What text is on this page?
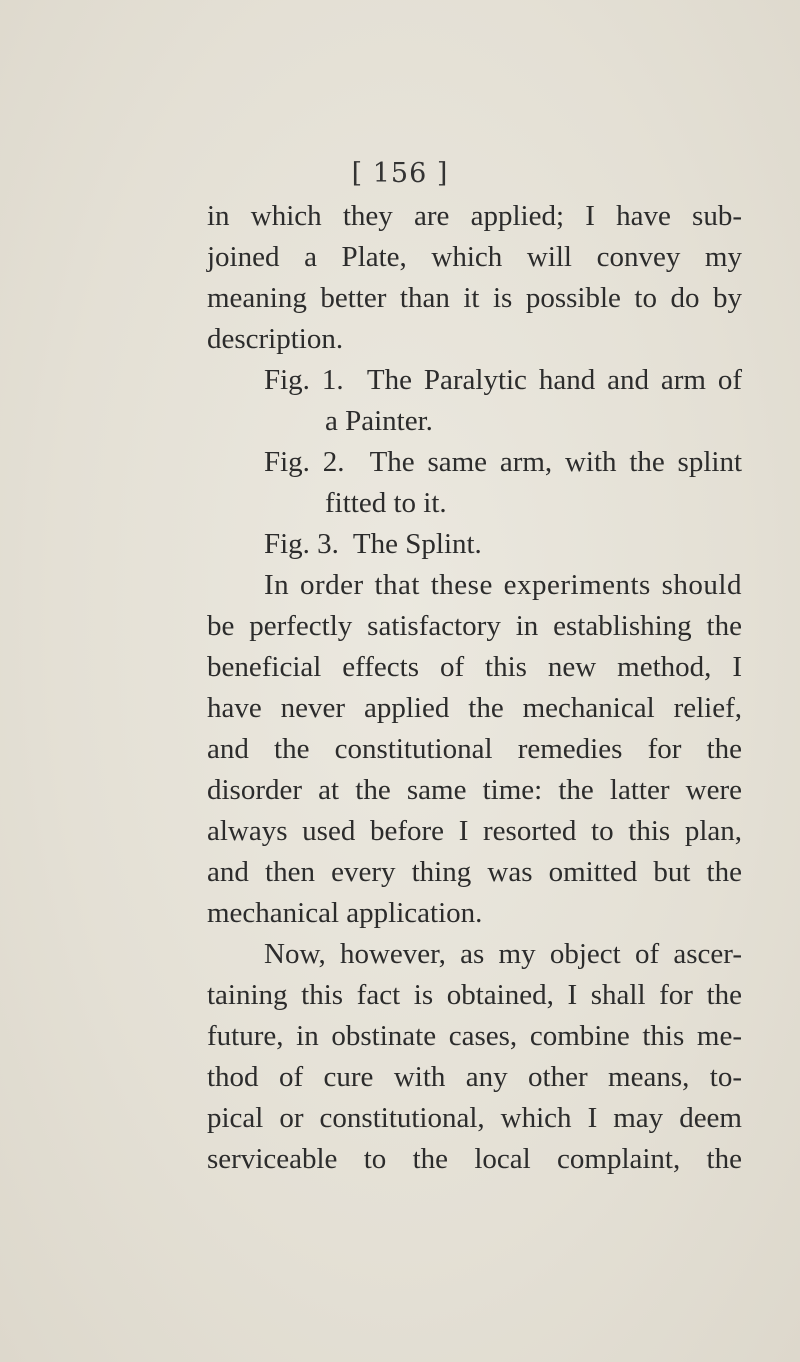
[ 156 ]
in which they are applied; I have sub-
joined a Plate, which will convey my
meaning better than it is possible to do by
description.
Fig. 1. The Paralytic hand and arm of
a Painter.
Fig. 2. The same arm, with the splint
fitted to it.
Fig. 3. The Splint.
In order that these experiments should
be perfectly satisfactory in establishing the
beneficial effects of this new method, I
have never applied the mechanical relief,
and the constitutional remedies for the
disorder at the same time: the latter were
always used before I resorted to this plan,
and then every thing was omitted but the
mechanical application.
Now, however, as my object of ascer-
taining this fact is obtained, I shall for the
future, in obstinate cases, combine this me-
thod of cure with any other means, to-
pical or constitutional, which I may deem
serviceable to the local complaint, the
